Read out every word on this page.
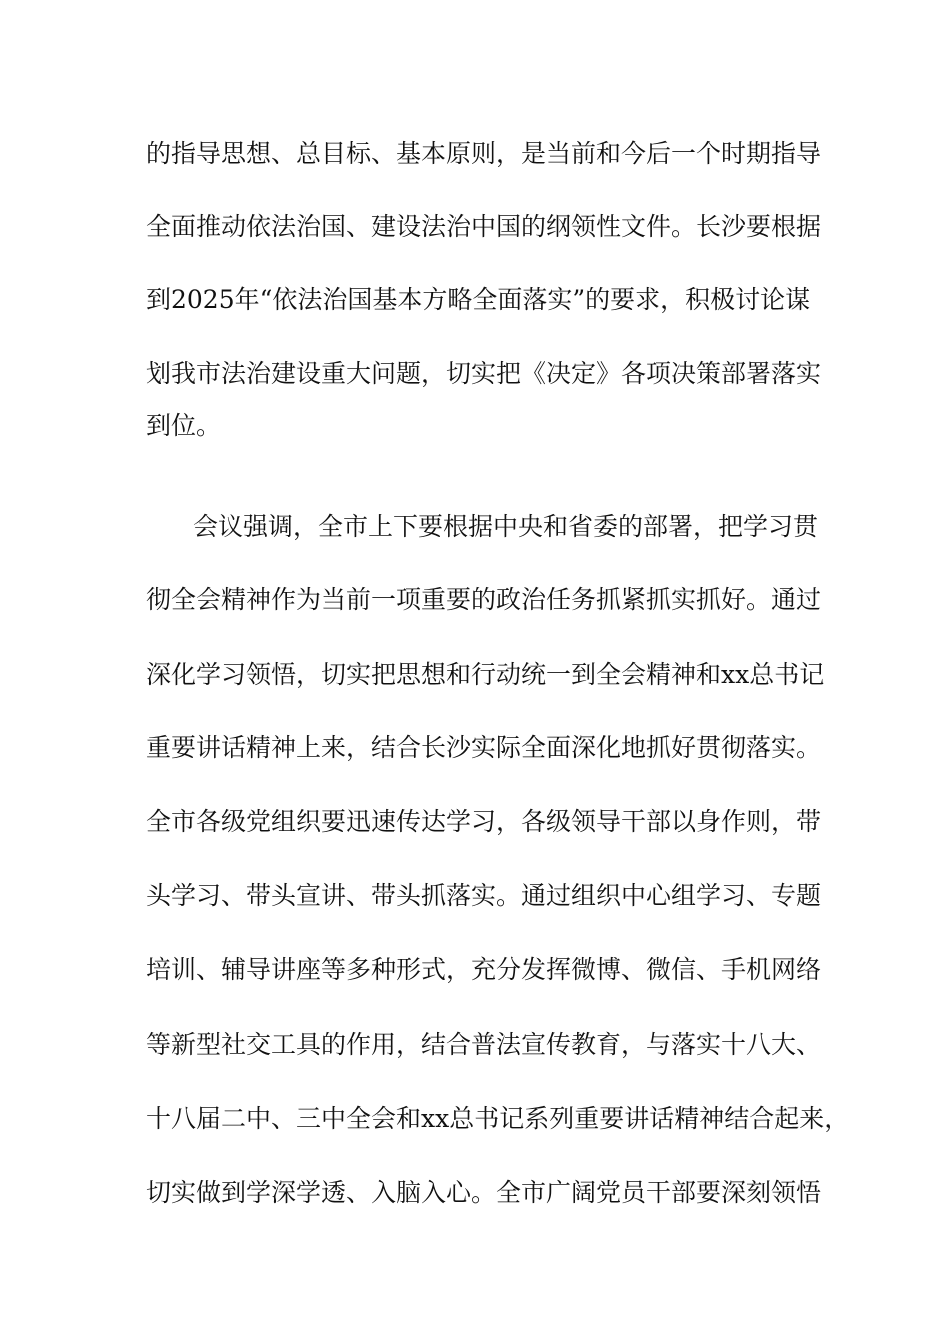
的指导思想、总目标、基本原则，是当前和今后一个时期指导
全面推动依法治国、建设法治中国的纲领性文件。长沙要根据
到2025年“依法治国基本方略全面落实”的要求，积极讨论谋
划我市法治建设重大问题，切实把《决定》各项决策部署落实
到位。
会议强调，全市上下要根据中央和省委的部署，把学习贯
彻全会精神作为当前一项重要的政治任务抓紧抓实抓好。通过
深化学习领悟，切实把思想和行动统一到全会精神和xx总书记
重要讲话精神上来，结合长沙实际全面深化地抓好贯彻落实。
全市各级党组织要迅速传达学习，各级领导干部以身作则，带
头学习、带头宣讲、带头抓落实。通过组织中心组学习、专题
培训、辅导讲座等多种形式，充分发挥微博、微信、手机网络
等新型社交工具的作用，结合普法宣传教育，与落实十八大、
十八届二中、三中全会和xx总书记系列重要讲话精神结合起来，
切实做到学深学透、入脑入心。全市广阔党员干部要深刻领悟
